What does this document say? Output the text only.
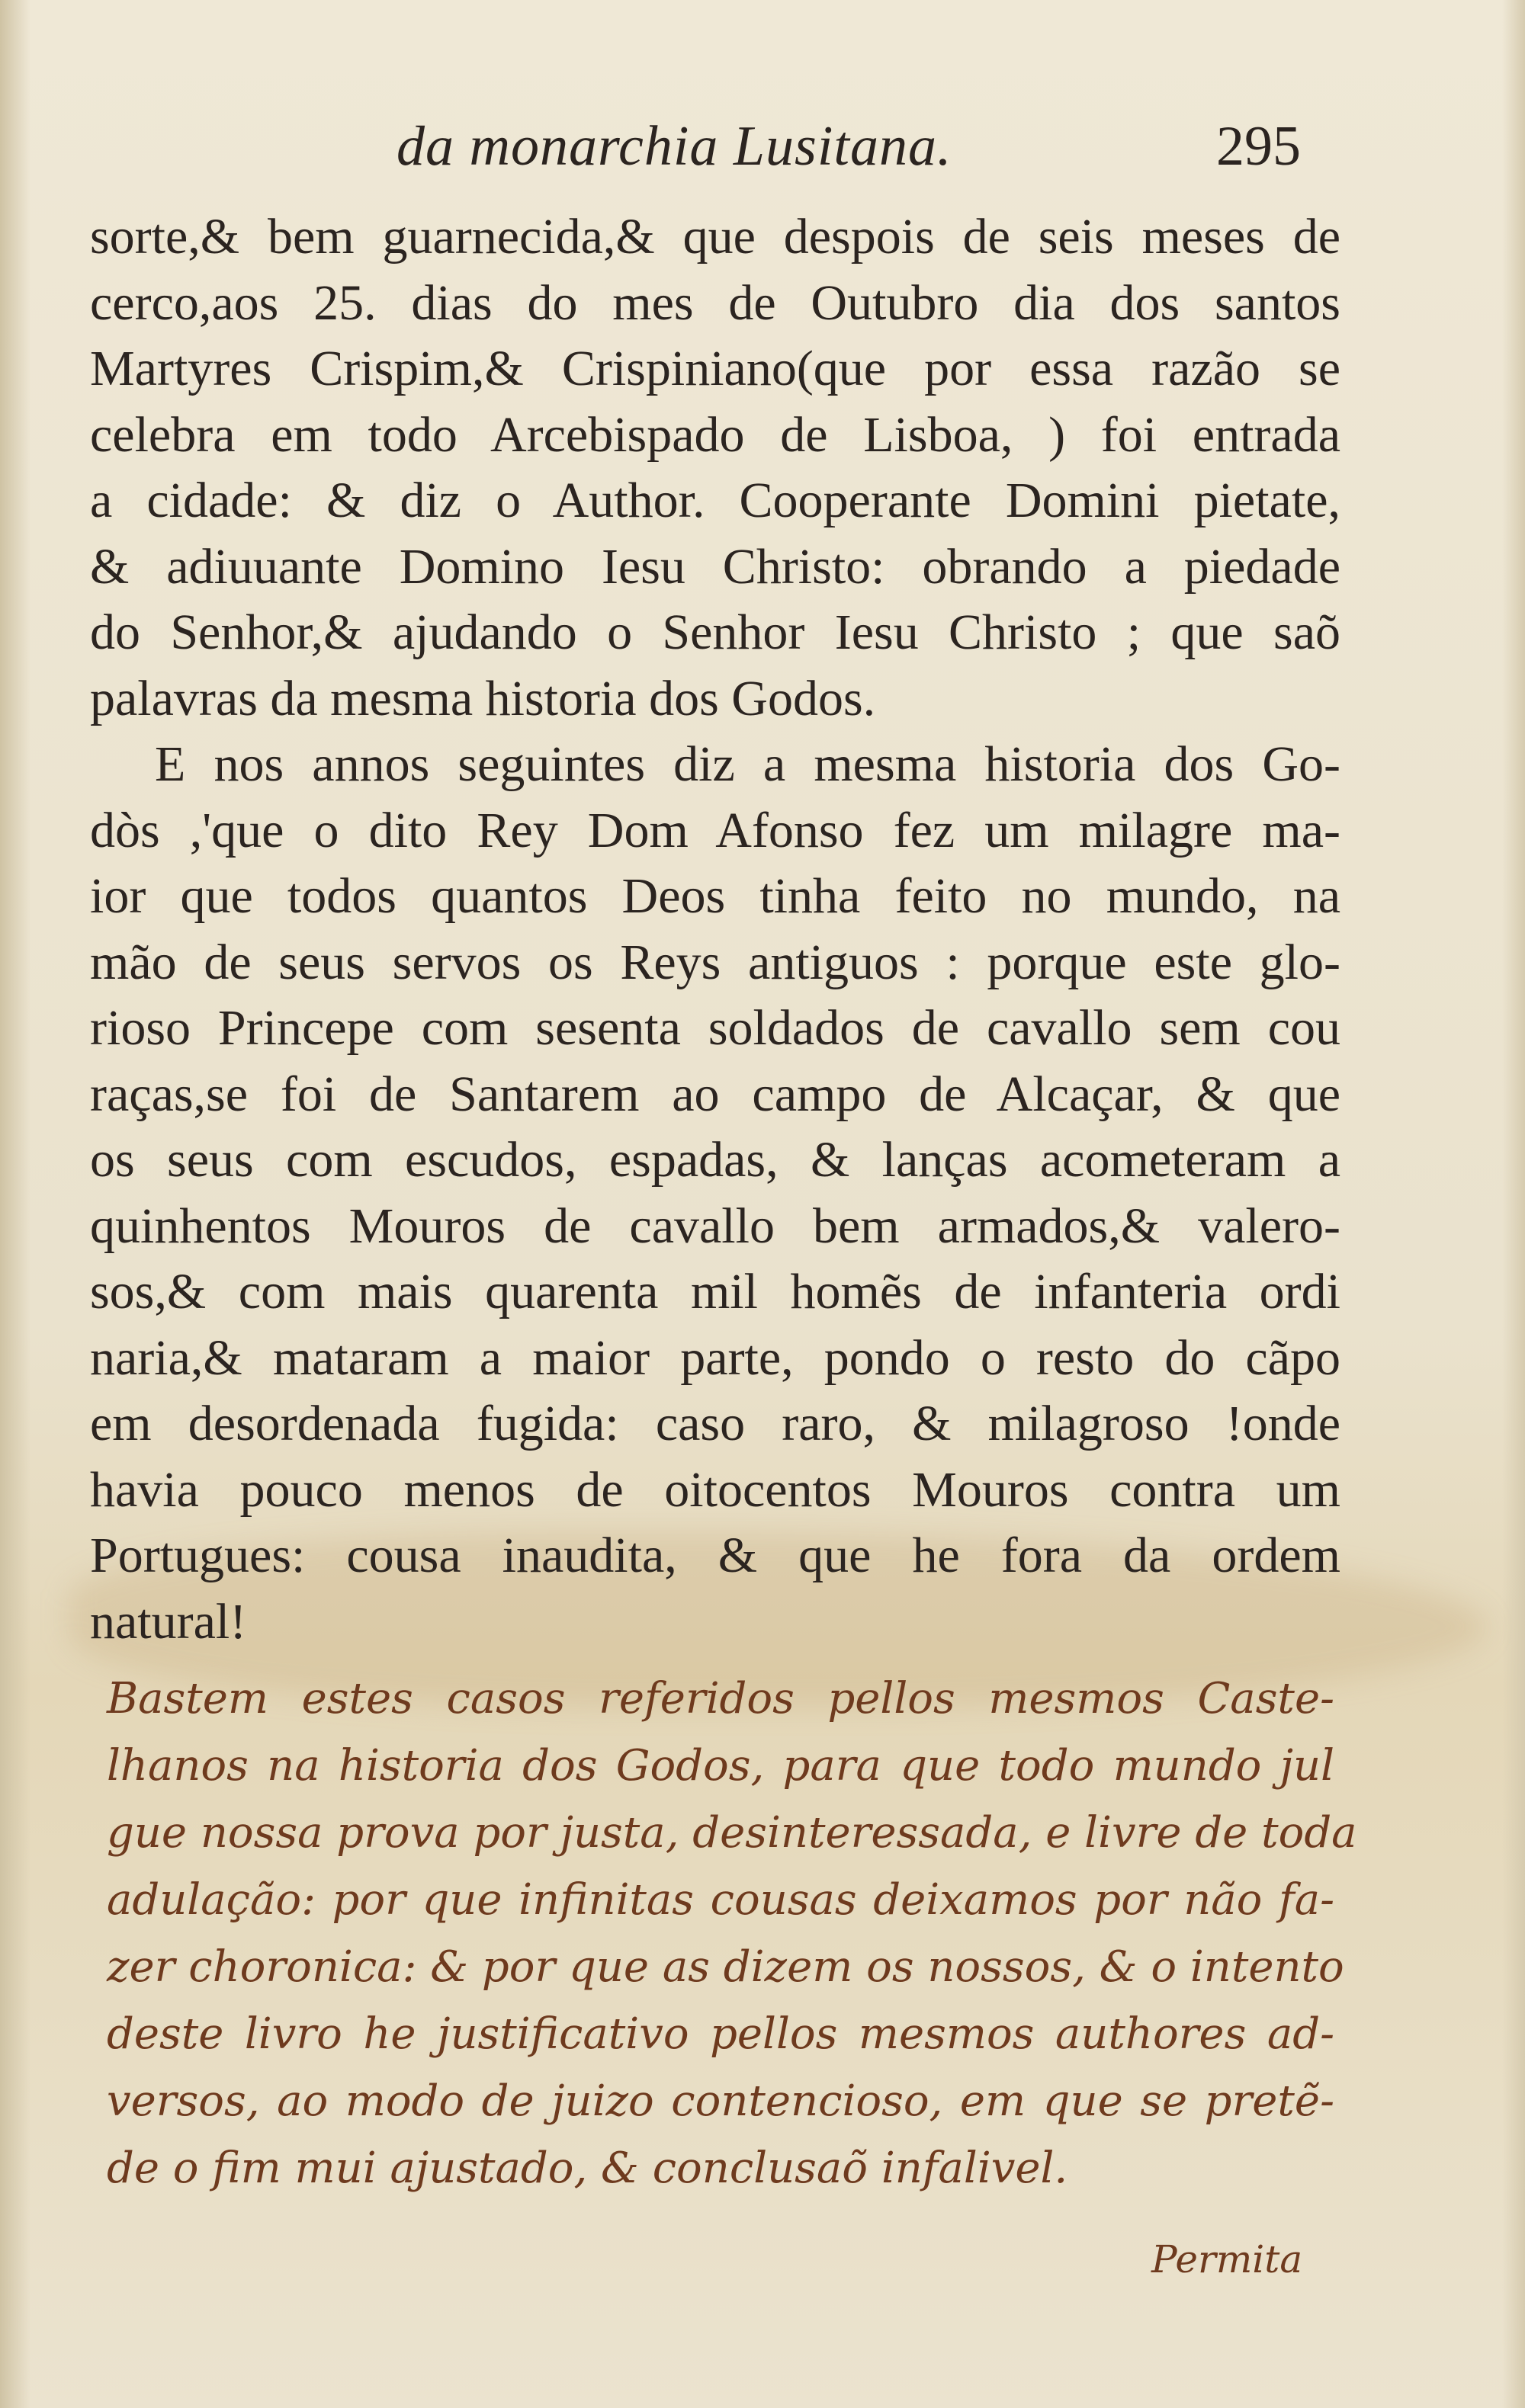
da monarchia Lusitana.	295
sorte,& bem guarnecida,& que despois de seis meses de
cerco,aos 25. dias do mes de Outubro dia dos santos
Martyres Crispim,& Crispiniano(que por essa razão se
celebra em todo Arcebispado de Lisboa, ) foi entrada
a cidade: & diz o Author. Cooperante Domini pietate,
& adiuuante Domino Iesu Christo: obrando a piedade
do Senhor,& ajudando o Senhor Iesu Christo ; que saõ
palavras da mesma historia dos Godos.
E nos annos seguintes diz a mesma historia dos Go-
dòs ,'que o dito Rey Dom Afonso fez um milagre ma-
ior que todos quantos Deos tinha feito no mundo, na
mão de seus servos os Reys antiguos : porque este glo-
rioso Princepe com sesenta soldados de cavallo sem cou
raças,se foi de Santarem ao campo de Alcaçar, & que
os seus com escudos, espadas, & lanças acometeram a
quinhentos Mouros de cavallo bem armados,& valero-
sos,& com mais quarenta mil homẽs de infanteria ordi
naria,& mataram a maior parte, pondo o resto do cãpo
em desordenada fugida: caso raro, & milagroso !onde
havia pouco menos de oitocentos Mouros contra um
Portugues: cousa inaudita, & que he fora da ordem
natural!
Bastem estes casos referidos pellos mesmos Caste-
lhanos na historia dos Godos, para que todo mundo jul
gue nossa prova por justa, desinteressada, e livre de toda
adulação: por que infinitas cousas deixamos por não fa-
zer choronica: & por que as dizem os nossos, & o intento
deste livro he justificativo pellos mesmos authores ad-
versos, ao modo de juizo contencioso, em que se pretẽ-
de o fim mui ajustado, & conclusaõ infalivel.
Permita
